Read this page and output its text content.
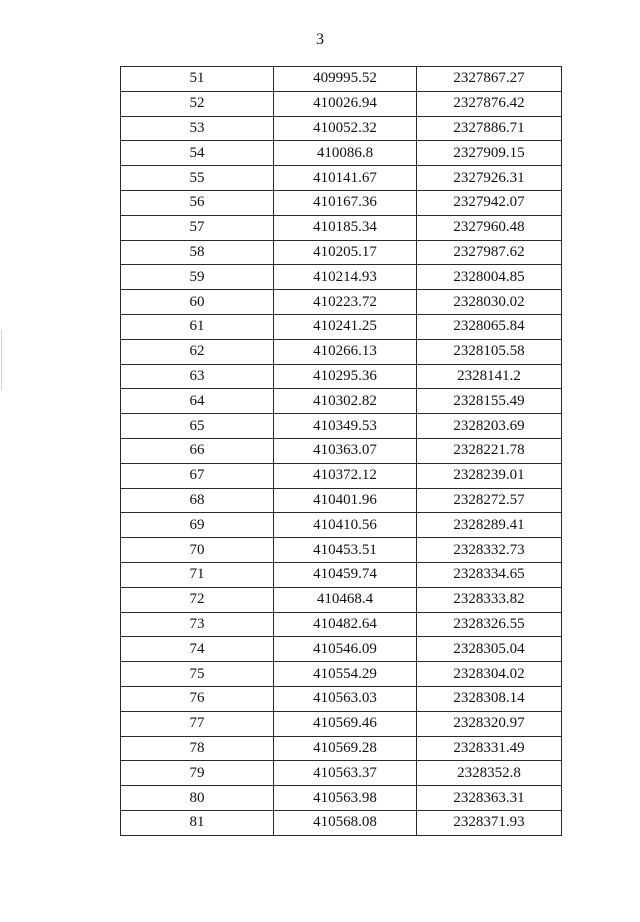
3
51	409995.52	2327867.27
52	410026.94	2327876.42
53	410052.32	2327886.71
54	410086.8	2327909.15
55	410141.67	2327926.31
56	410167.36	2327942.07
57	410185.34	2327960.48
58	410205.17	2327987.62
59	410214.93	2328004.85
60	410223.72	2328030.02
61	410241.25	2328065.84
62	410266.13	2328105.58
63	410295.36	2328141.2
64	410302.82	2328155.49
65	410349.53	2328203.69
66	410363.07	2328221.78
67	410372.12	2328239.01
68	410401.96	2328272.57
69	410410.56	2328289.41
70	410453.51	2328332.73
71	410459.74	2328334.65
72	410468.4	2328333.82
73	410482.64	2328326.55
74	410546.09	2328305.04
75	410554.29	2328304.02
76	410563.03	2328308.14
77	410569.46	2328320.97
78	410569.28	2328331.49
79	410563.37	2328352.8
80	410563.98	2328363.31
81	410568.08	2328371.93
